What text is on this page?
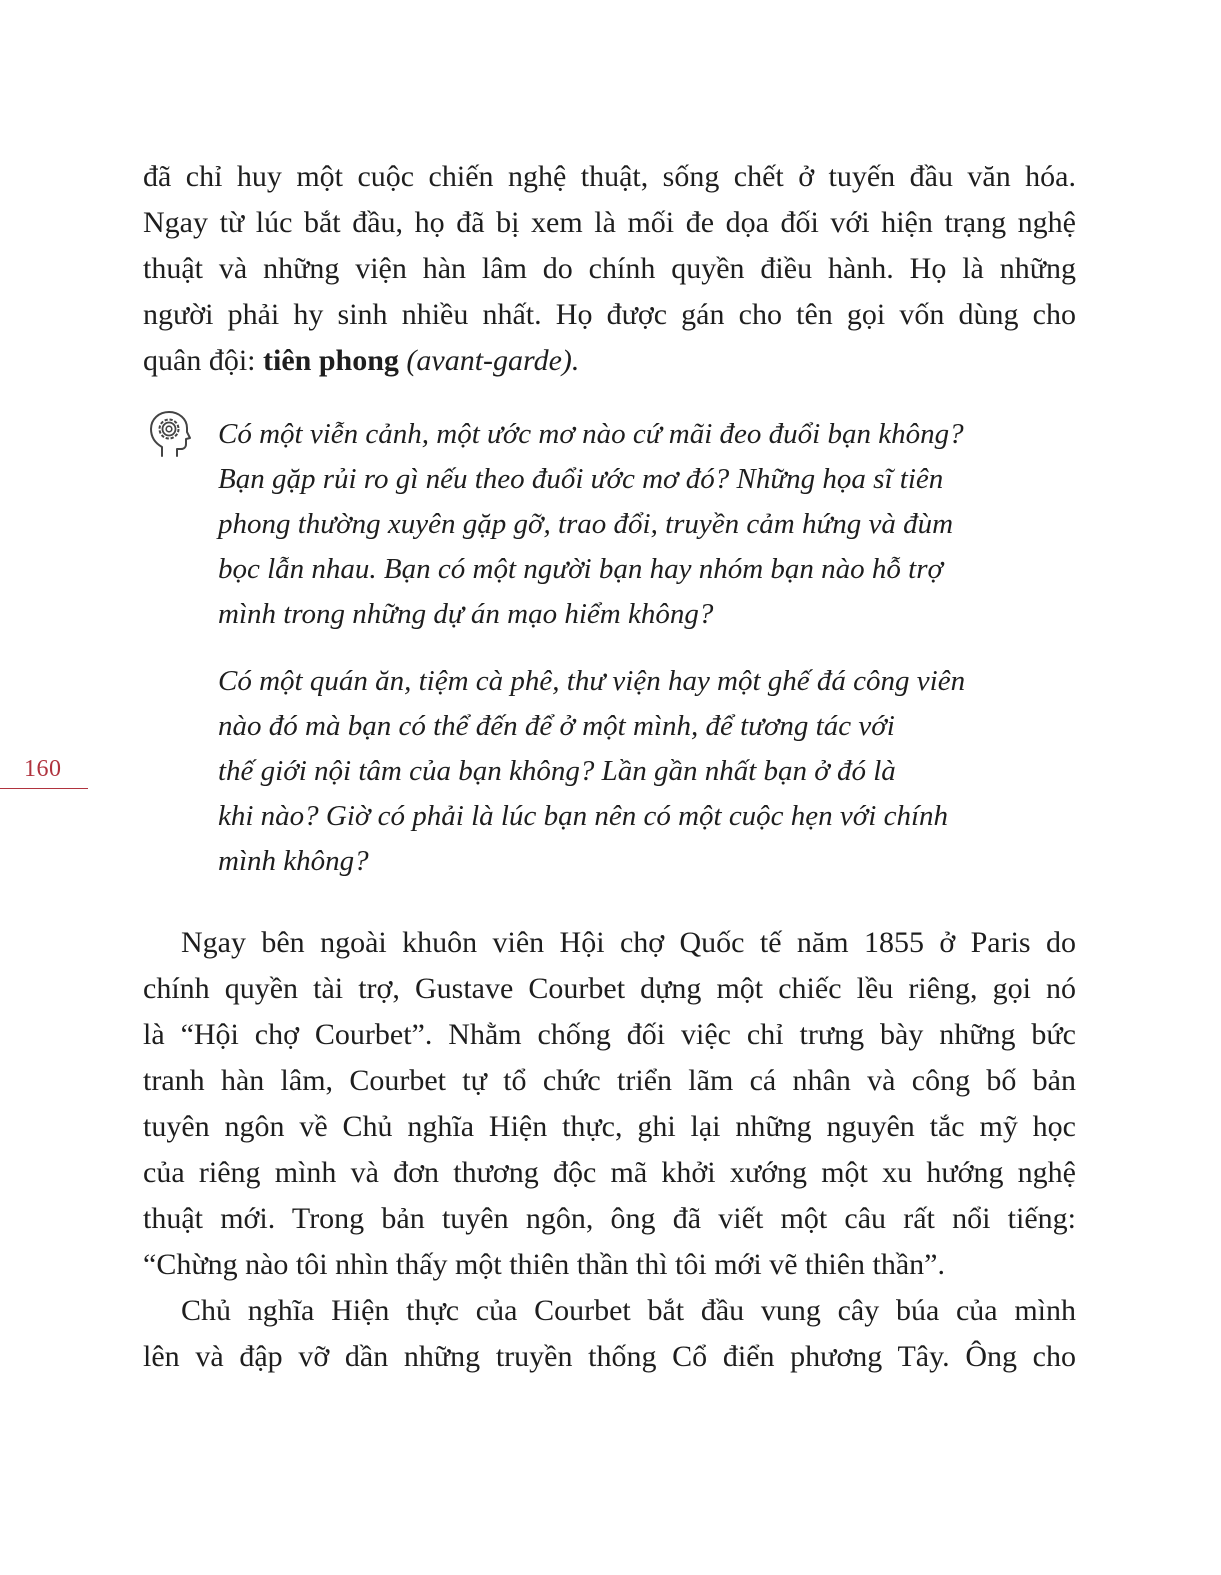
đã chỉ huy một cuộc chiến nghệ thuật, sống chết ở tuyến đầu văn hóa.
Ngay từ lúc bắt đầu, họ đã bị xem là mối đe dọa đối với hiện trạng nghệ
thuật và những viện hàn lâm do chính quyền điều hành. Họ là những
người phải hy sinh nhiều nhất. Họ được gán cho tên gọi vốn dùng cho
quân đội: tiên phong (avant-garde).

Có một viễn cảnh, một ước mơ nào cứ mãi đeo đuổi bạn không?
Bạn gặp rủi ro gì nếu theo đuổi ước mơ đó? Những họa sĩ tiên
phong thường xuyên gặp gỡ, trao đổi, truyền cảm hứng và đùm
bọc lẫn nhau. Bạn có một người bạn hay nhóm bạn nào hỗ trợ
mình trong những dự án mạo hiểm không?

Có một quán ăn, tiệm cà phê, thư viện hay một ghế đá công viên
nào đó mà bạn có thể đến để ở một mình, để tương tác với
thế giới nội tâm của bạn không? Lần gần nhất bạn ở đó là
khi nào? Giờ có phải là lúc bạn nên có một cuộc hẹn với chính
mình không?

160

Ngay bên ngoài khuôn viên Hội chợ Quốc tế năm 1855 ở Paris do
chính quyền tài trợ, Gustave Courbet dựng một chiếc lều riêng, gọi nó
là “Hội chợ Courbet”. Nhằm chống đối việc chỉ trưng bày những bức
tranh hàn lâm, Courbet tự tổ chức triển lãm cá nhân và công bố bản
tuyên ngôn về Chủ nghĩa Hiện thực, ghi lại những nguyên tắc mỹ học
của riêng mình và đơn thương độc mã khởi xướng một xu hướng nghệ
thuật mới. Trong bản tuyên ngôn, ông đã viết một câu rất nổi tiếng:
“Chừng nào tôi nhìn thấy một thiên thần thì tôi mới vẽ thiên thần”.

Chủ nghĩa Hiện thực của Courbet bắt đầu vung cây búa của mình
lên và đập vỡ dần những truyền thống Cổ điển phương Tây. Ông cho
